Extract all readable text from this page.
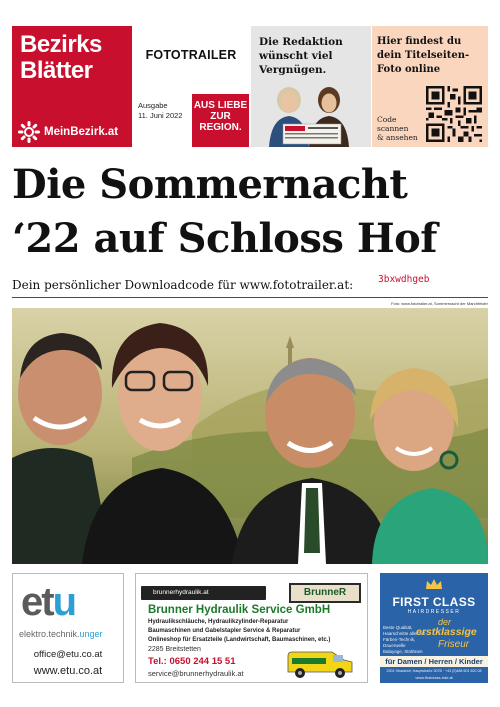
Bezirks
Blätter
MeinBezirk.at
FOTOTRAILER
Ausgabe
11. Juni 2022
AUS LIEBE
ZUR
REGION.
Die Redaktion
wünscht viel
Vergnügen.
Hier findest du
dein Titelseiten-
Foto online
Code
scannen
& ansehen
Die Sommernacht
‘22 auf Schloss Hof
Dein persönlicher Downloadcode für www.fototrailer.at:	3bxwdhgeb
Foto: www.fototrailer.at, Sommernacht der Marchfelder
etu
elektro.technik.unger
office@etu.co.at
www.etu.co.at
brunnerhydraulik.at	BrunneR
Brunner Hydraulik Service GmbH
Hydraulikschläuche, Hydraulikzylinder-Reparatur
Baumaschinen und Gabelstapler Service & Reparatur
Onlineshop für Ersatzteile (Landwirtschaft, Baumaschinen, etc.)
2285 Breitstetten
Tel.: 0650 244 15 51
service@brunnerhydraulik.at
FIRST CLASS
HAIRDRESSER
Beste Qualität,
Haarschnitte aller Art
Färben-Technik, Dauerwelle
Balayage, Strähnen
der
erstklassige
Friseur
für Damen / Herren / Kinder
2301 Strasshof, Hauptstraße 307B · +43 (0)488 601 820 08
www.firstclass-hair.at
